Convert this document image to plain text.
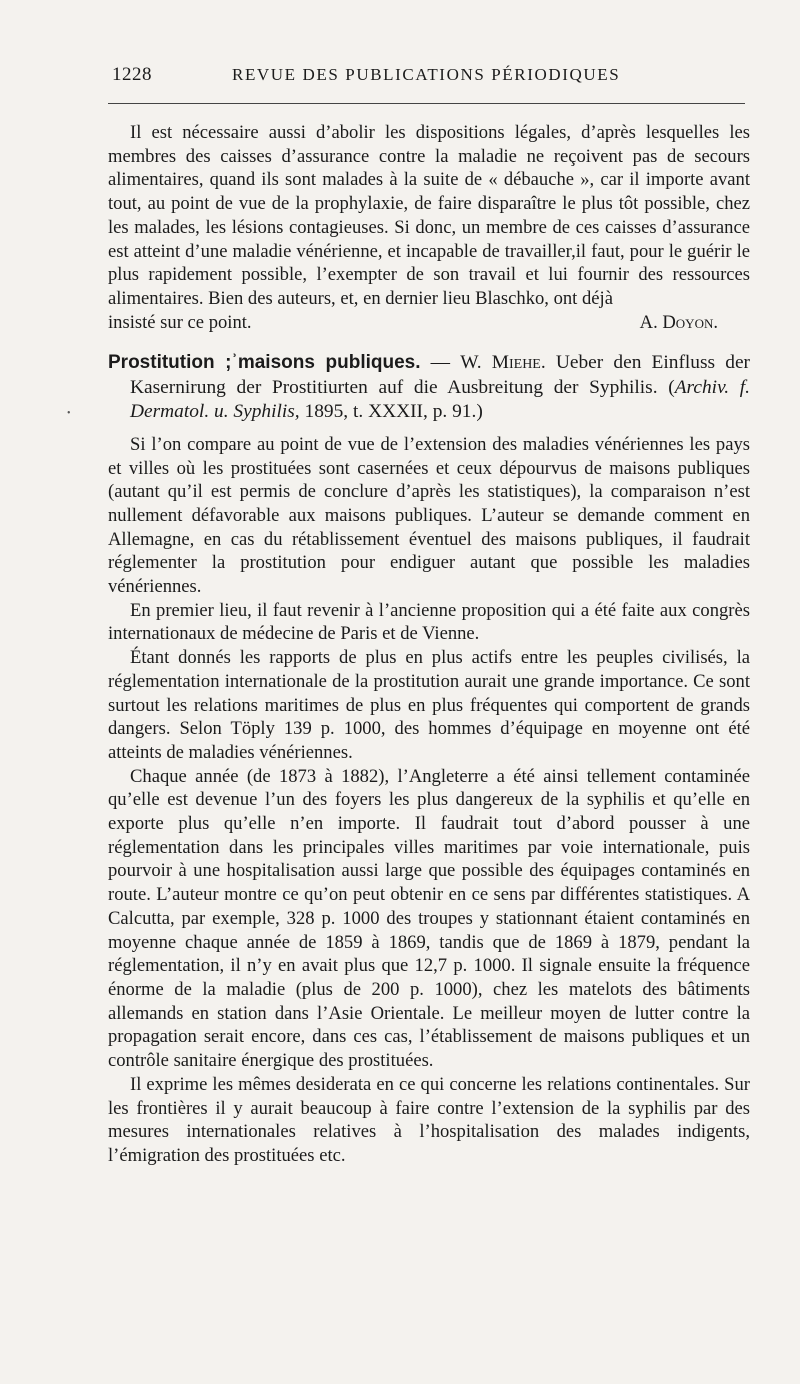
1228	REVUE DES PUBLICATIONS PÉRIODIQUES
•

Il est nécessaire aussi d’abolir les dispositions légales, d’après lesquelles les membres des caisses d’assurance contre la maladie ne reçoivent pas de secours alimentaires, quand ils sont malades à la suite de « débauche », car il importe avant tout, au point de vue de la prophylaxie, de faire disparaître le plus tôt possible, chez les malades, les lésions contagieuses. Si donc, un membre de ces caisses d’assurance est atteint d’une maladie vénérienne, et incapable de travailler,il faut, pour le guérir le plus rapidement possible, l’exempter de son travail et lui fournir des ressources alimentaires. Bien des auteurs, et, en dernier lieu Blaschko, ont déjà

insisté sur ce point.	A. Doyon.

Prostitution ;ʾmaisons publiques. — W. Miehe. Ueber den Einfluss der Kasernirung der Prostitiurten auf die Ausbreitung der Syphilis. (Archiv. f. Dermatol. u. Syphilis, 1895, t. XXXII, p. 91.)

Si l’on compare au point de vue de l’extension des maladies vénériennes les pays et villes où les prostituées sont casernées et ceux dépourvus de maisons publiques (autant qu’il est permis de conclure d’après les statistiques), la comparaison n’est nullement défavorable aux maisons publiques. L’auteur se demande comment en Allemagne, en cas du rétablissement éventuel des maisons publiques, il faudrait réglementer la prostitution pour endiguer autant que possible les maladies vénériennes.

En premier lieu, il faut revenir à l’ancienne proposition qui a été faite aux congrès internationaux de médecine de Paris et de Vienne.

Étant donnés les rapports de plus en plus actifs entre les peuples civilisés, la réglementation internationale de la prostitution aurait une grande importance. Ce sont surtout les relations maritimes de plus en plus fréquentes qui comportent de grands dangers. Selon Töply 139 p. 1000, des hommes d’équipage en moyenne ont été atteints de maladies vénériennes.

Chaque année (de 1873 à 1882), l’Angleterre a été ainsi tellement contaminée qu’elle est devenue l’un des foyers les plus dangereux de la syphilis et qu’elle en exporte plus qu’elle n’en importe. Il faudrait tout d’abord pousser à une réglementation dans les principales villes maritimes par voie internationale, puis pourvoir à une hospitalisation aussi large que possible des équipages contaminés en route. L’auteur montre ce qu’on peut obtenir en ce sens par différentes statistiques. A Calcutta, par exemple, 328 p. 1000 des troupes y stationnant étaient contaminés en moyenne chaque année de 1859 à 1869, tandis que de 1869 à 1879, pendant la réglementation, il n’y en avait plus que 12,7 p. 1000. Il signale ensuite la fréquence énorme de la maladie (plus de 200 p. 1000), chez les matelots des bâtiments allemands en station dans l’Asie Orientale. Le meilleur moyen de lutter contre la propagation serait encore, dans ces cas, l’établissement de maisons publiques et un contrôle sanitaire énergique des prostituées.

Il exprime les mêmes desiderata en ce qui concerne les relations continentales. Sur les frontières il y aurait beaucoup à faire contre l’extension de la syphilis par des mesures internationales relatives à l’hospitalisation des malades indigents, l’émigration des prostituées etc.
